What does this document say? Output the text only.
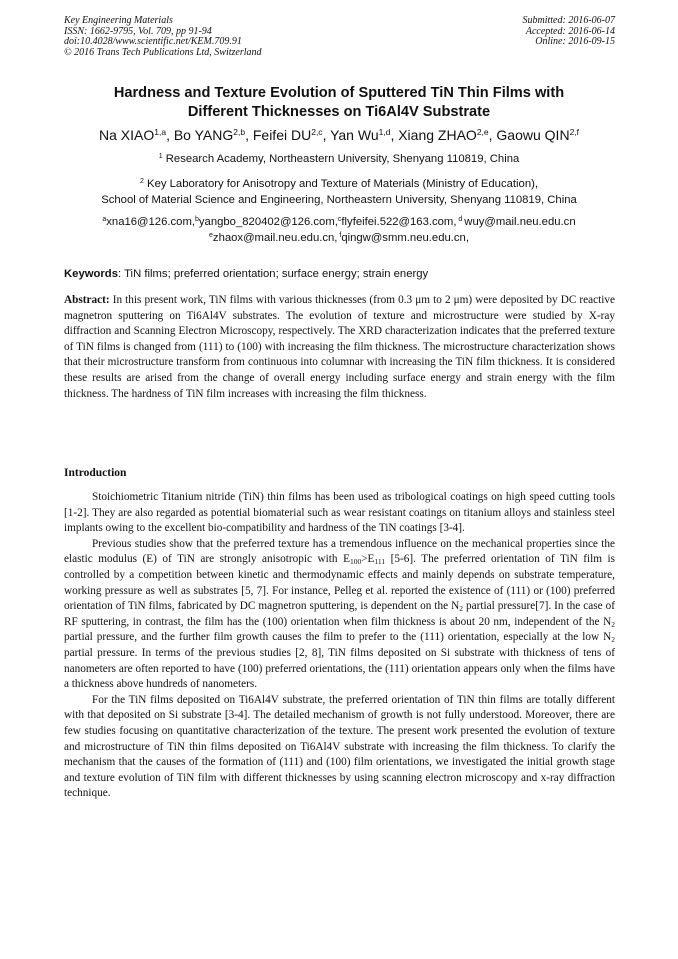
Key Engineering Materials
ISSN: 1662-9795, Vol. 709, pp 91-94
doi:10.4028/www.scientific.net/KEM.709.91
© 2016 Trans Tech Publications Ltd, Switzerland
Submitted: 2016-06-07
Accepted: 2016-06-14
Online: 2016-09-15
Hardness and Texture Evolution of Sputtered TiN Thin Films with
Different Thicknesses on Ti6Al4V Substrate
Na XIAO$^{1,a}$, Bo YANG$^{2,b}$, Feifei DU$^{2,c}$, Yan Wu$^{1,d}$, Xiang ZHAO$^{2,e}$, Gaowu QIN$^{2,f}$
$^1$ Research Academy, Northeastern University, Shenyang 110819, China
$^2$ Key Laboratory for Anisotropy and Texture of Materials (Ministry of Education),
School of Material Science and Engineering, Northeastern University, Shenyang 110819, China
$^a$xna16@126.com,$^b$yangbo_820402@126.com,$^c$flyfeifei.522@163.com, $^d$ wuy@mail.neu.edu.cn
$^e$zhaox@mail.neu.edu.cn, $^f$qingw@smm.neu.edu.cn,
Keywords: TiN films; preferred orientation; surface energy; strain energy
Abstract: In this present work, TiN films with various thicknesses (from 0.3 μm to 2 μm) were deposited by DC reactive magnetron sputtering on Ti6Al4V substrates. The evolution of texture and microstructure were studied by X-ray diffraction and Scanning Electron Microscopy, respectively. The XRD characterization indicates that the preferred texture of TiN films is changed from (111) to (100) with increasing the film thickness. The microstructure characterization shows that their microstructure transform from continuous into columnar with increasing the TiN film thickness. It is considered these results are arised from the change of overall energy including surface energy and strain energy with the film thickness. The hardness of TiN film increases with increasing the film thickness.
Introduction

Stoichiometric Titanium nitride (TiN) thin films has been used as tribological coatings on high speed cutting tools [1-2]. They are also regarded as potential biomaterial such as wear resistant coatings on titanium alloys and stainless steel implants owing to the excellent bio-compatibility and hardness of the TiN coatings [3-4].

Previous studies show that the preferred texture has a tremendous influence on the mechanical properties since the elastic modulus (E) of TiN are strongly anisotropic with $E_{100}>E_{111}$ [5-6]. The preferred orientation of TiN film is controlled by a competition between kinetic and thermodynamic effects and mainly depends on substrate temperature, working pressure as well as substrates [5, 7]. For instance, Pelleg et al. reported the existence of (111) or (100) preferred orientation of TiN films, fabricated by DC magnetron sputtering, is dependent on the $N_2$ partial pressure[7]. In the case of RF sputtering, in contrast, the film has the (100) orientation when film thickness is about 20 nm, independent of the $N_2$ partial pressure, and the further film growth causes the film to prefer to the (111) orientation, especially at the low $N_2$ partial pressure. In terms of the previous studies [2, 8], TiN films deposited on Si substrate with thickness of tens of nanometers are often reported to have (100) preferred orientations, the (111) orientation appears only when the films have a thickness above hundreds of nanometers.

For the TiN films deposited on Ti6Al4V substrate, the preferred orientation of TiN thin films are totally different with that deposited on Si substrate [3-4]. The detailed mechanism of growth is not fully understood. Moreover, there are few studies focusing on quantitative characterization of the texture. The present work presented the evolution of texture and microstructure of TiN thin films deposited on Ti6Al4V substrate with increasing the film thickness. To clarify the mechanism that the causes of the formation of (111) and (100) film orientations, we investigated the initial growth stage and texture evolution of TiN film with different thicknesses by using scanning electron microscopy and x-ray diffraction technique.
